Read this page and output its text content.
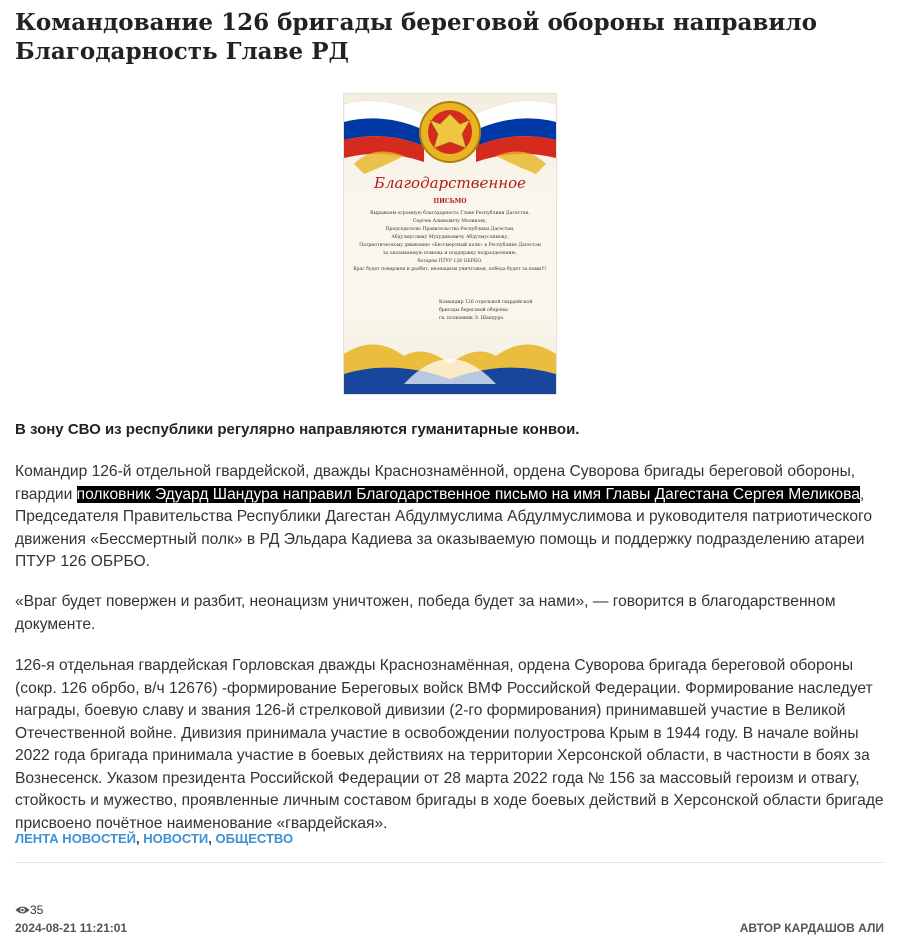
Командование 126 бригады береговой обороны направило Благодарность Главе РД
Благодарственное
ПИСЬМО
Выражаем огромную благодарность Главе Республики Дагестан,
Сергею Алимовичу Меликову,
Председателю Правительства Республики Дагестан,
Абдулмуслиму Мухудиновичу Абдулмуслимову,
Патриотическому движению «Бессмертный полк» в Республике Дагестан
за оказываемую помощь и поддержку подразделению,
батареи ПТУР 126 ОБРБО.
Враг будет повержен и разбит, неонацизм уничтожен, победа будет за нами!!!
Командир 126 отдельной гвардейской
бригады береговой обороны
гв. полковник Э. Шандура

В зону СВО из республики регулярно направляются гуманитарные конвои.

Командир 126-й отдельной гвардейской, дважды Краснознамённой, ордена Суворова бригады береговой обороны, гвардии полковник Эдуард Шандура направил Благодарственное письмо на имя Главы Дагестана Сергея Меликова, Председателя Правительства Республики Дагестан Абдулмуслима Абдулмуслимова и руководителя патриотического движения «Бессмертный полк» в РД Эльдара Кадиева за оказываемую помощь и поддержку подразделению атареи ПТУР 126 ОБРБО.

«Враг будет повержен и разбит, неонацизм уничтожен, победа будет за нами», — говорится в благодарственном документе.

126-я отдельная гвардейская Горловская дважды Краснознамённая, ордена Суворова бригада береговой обороны (сокр. 126 обрбо, в/ч 12676) -формирование Береговых войск ВМФ Российской Федерации. Формирование наследует награды, боевую славу и звания 126-й стрелковой дивизии (2-го формирования) принимавшей участие в Великой Отечественной войне. Дивизия принимала участие в освобождении полуострова Крым в 1944 году. В начале войны 2022 года бригада принимала участие в боевых действиях на территории Херсонской области, в частности в боях за Вознесенск. Указом президента Российской Федерации от 28 марта 2022 года № 156 за массовый героизм и отвагу, стойкость и мужество, проявленные личным составом бригады в ходе боевых действий в Херсонской области бригаде присвоено почётное наименование «гвардейская».

ЛЕНТА НОВОСТЕЙ, НОВОСТИ, ОБЩЕСТВО
35
2024-08-21 11:21:01	АВТОР КАРДАШОВ АЛИ
